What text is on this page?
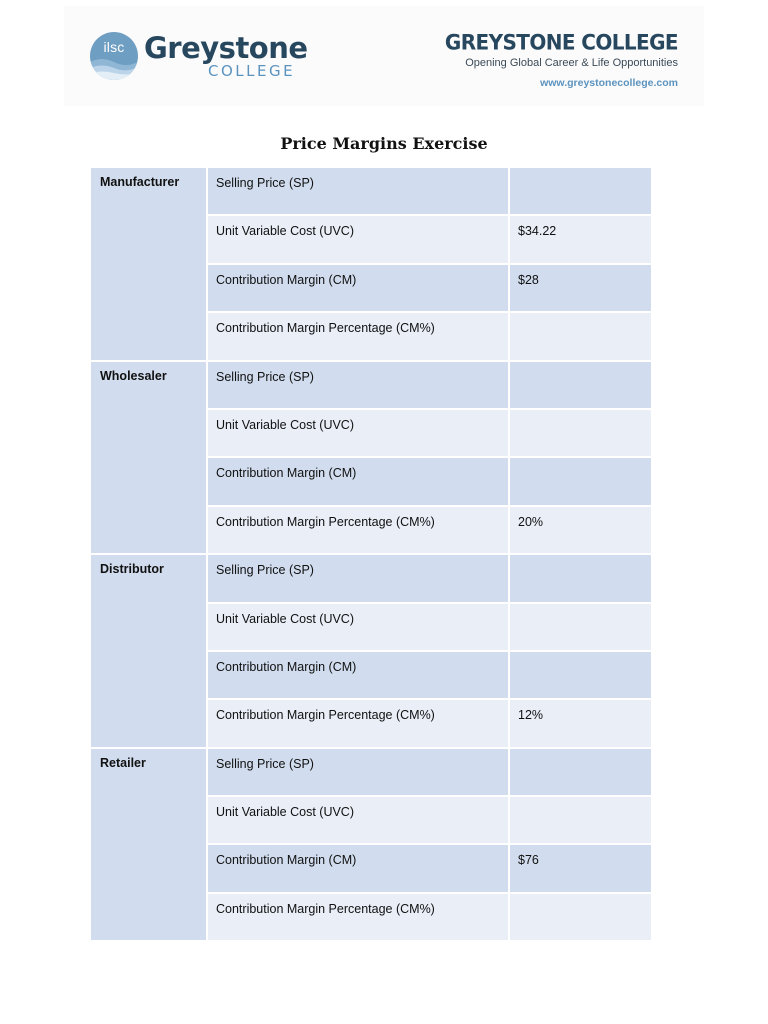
ilsc Greystone
COLLEGE
GREYSTONE COLLEGE
Opening Global Career & Life Opportunities
www.greystonecollege.com
Price Margins Exercise
Manufacturer	Selling Price (SP)
Unit Variable Cost (UVC)	$34.22
Contribution Margin (CM)	$28
Contribution Margin Percentage (CM%)
Wholesaler	Selling Price (SP)
Unit Variable Cost (UVC)
Contribution Margin (CM)
Contribution Margin Percentage (CM%)	20%
Distributor	Selling Price (SP)
Unit Variable Cost (UVC)
Contribution Margin (CM)
Contribution Margin Percentage (CM%)	12%
Retailer	Selling Price (SP)
Unit Variable Cost (UVC)
Contribution Margin (CM)	$76
Contribution Margin Percentage (CM%)
